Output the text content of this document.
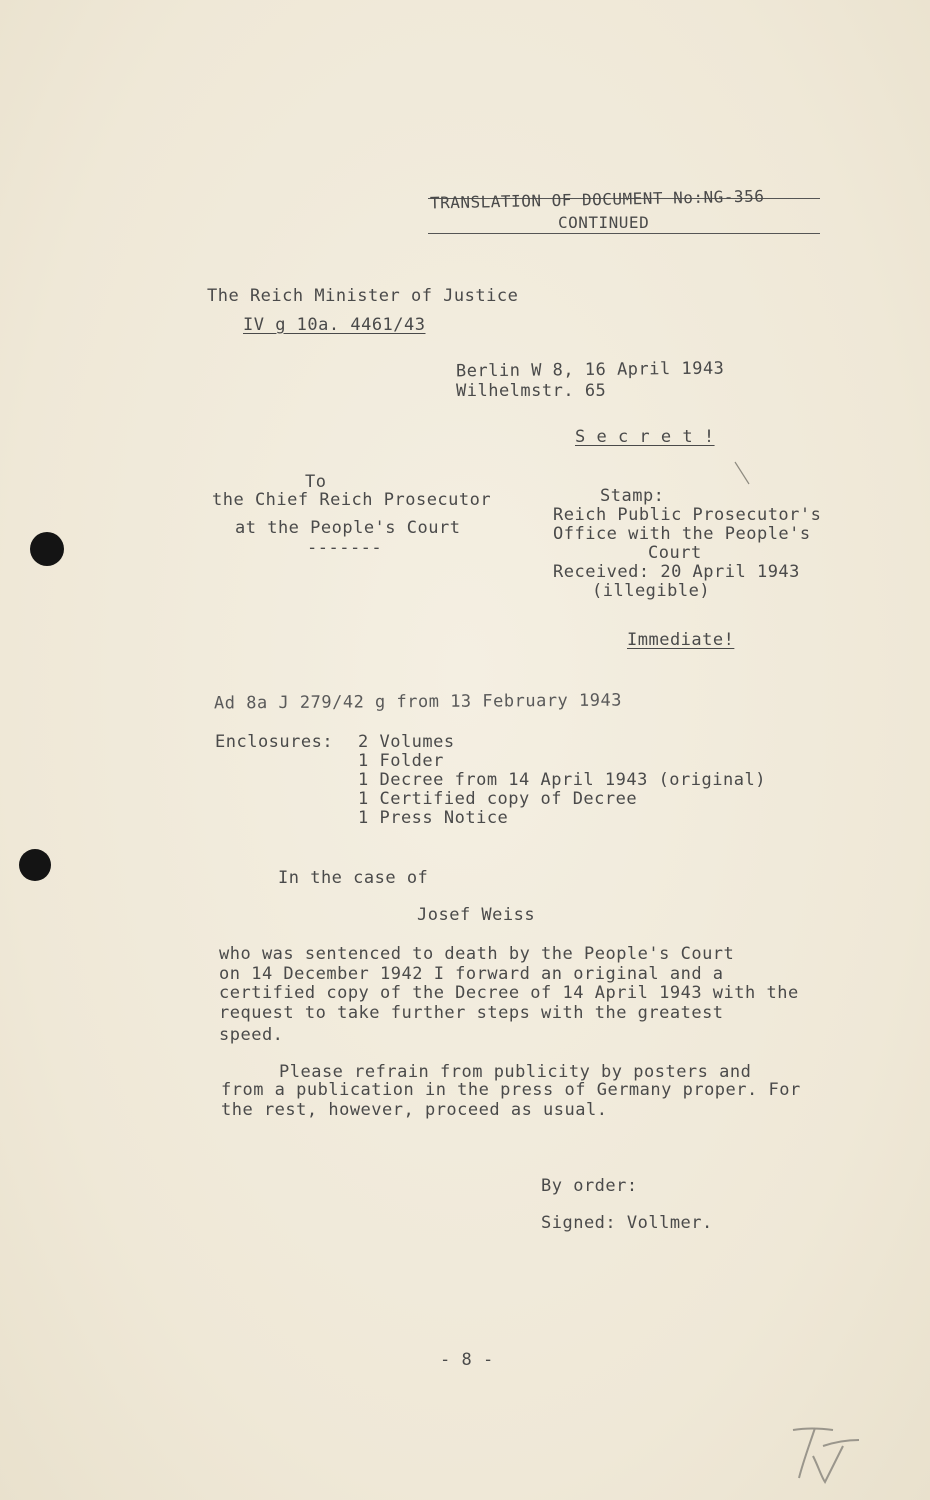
TRANSLATION OF DOCUMENT No:NG-356
CONTINUED
The Reich Minister of Justice
IV g 10a. 4461/43
Berlin W 8, 16 April 1943
Wilhelmstr. 65
S e c r e t !
To
the Chief Reich Prosecutor
at the People's Court
-------
Stamp:
Reich Public Prosecutor's
Office with the People's
Court
Received: 20 April 1943
(illegible)
Immediate!
Ad 8a J 279/42 g from 13 February 1943
Enclosures: 2 Volumes
1 Folder
1 Decree from 14 April 1943 (original)
1 Certified copy of Decree
1 Press Notice
In the case of
Josef Weiss
who was sentenced to death by the People's Court
on 14 December 1942 I forward an original and a
certified copy of the Decree of 14 April 1943 with the
request to take further steps with the greatest
speed.
Please refrain from publicity by posters and
from a publication in the press of Germany proper. For
the rest, however, proceed as usual.
By order:
Signed: Vollmer.
- 8 -
